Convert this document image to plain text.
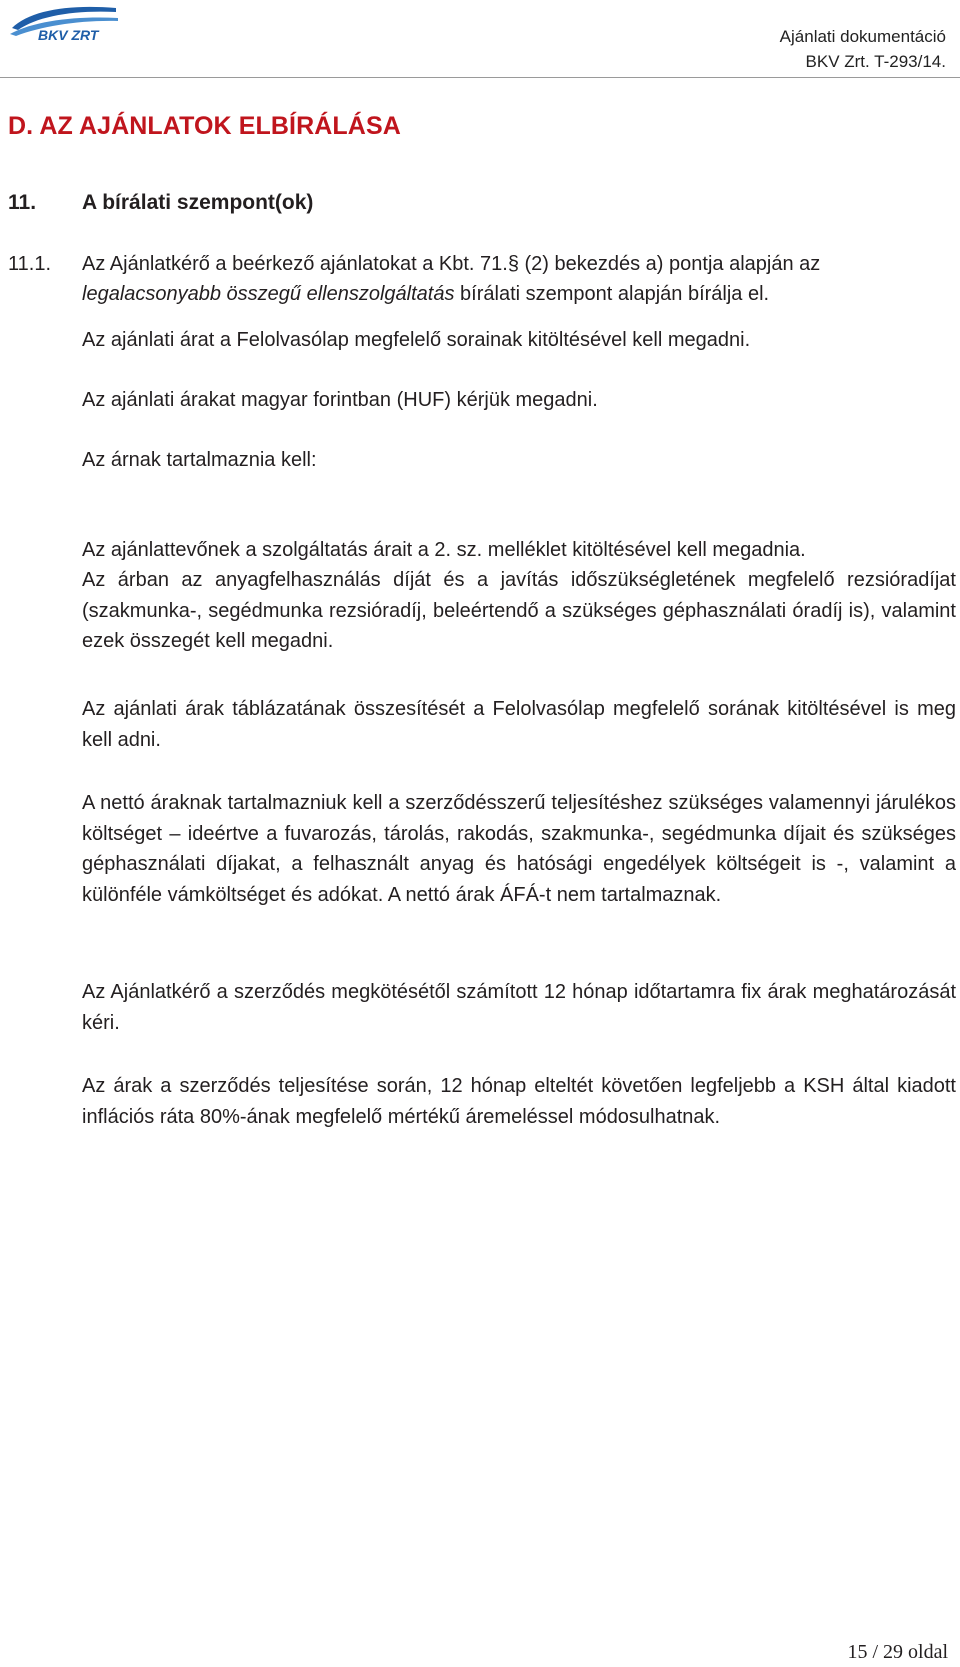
BKV ZRT	Ajánlati dokumentáció
BKV Zrt. T-293/14.
D. AZ AJÁNLATOK ELBÍRÁLÁSA
11. A bírálati szempont(ok)
11.1. Az Ajánlatkérő a beérkező ajánlatokat a Kbt. 71.§ (2) bekezdés a) pontja alapján az
legalacsonyabb összegű ellenszolgáltatás bírálati szempont alapján bírálja el.

Az ajánlati árat a Felolvasólap megfelelő sorainak kitöltésével kell megadni.

Az ajánlati árakat magyar forintban (HUF) kérjük megadni.

Az árnak tartalmaznia kell:

Az ajánlattevőnek a szolgáltatás árait a 2. sz. melléklet kitöltésével kell megadnia.

Az árban az anyagfelhasználás díját és a javítás időszükségletének megfelelő rezsióradíjat (szakmunka-, segédmunka rezsióradíj, beleértendő a szükséges géphasználati óradíj is), valamint ezek összegét kell megadni.

Az ajánlati árak táblázatának összesítését a Felolvasólap megfelelő sorának kitöltésével is meg kell adni.

A nettó áraknak tartalmazniuk kell a szerződésszerű teljesítéshez szükséges valamennyi járulékos költséget – ideértve a fuvarozás, tárolás, rakodás, szakmunka-, segédmunka díjait és szükséges géphasználati díjakat, a felhasznált anyag és hatósági engedélyek költségeit is -, valamint a különféle vámköltséget és adókat. A nettó árak ÁFÁ-t nem tartalmaznak.

Az Ajánlatkérő a szerződés megkötésétől számított 12 hónap időtartamra fix árak meghatározását kéri.

Az árak a szerződés teljesítése során, 12 hónap elteltét követően legfeljebb a KSH által kiadott inflációs ráta 80%-ának megfelelő mértékű áremeléssel módosulhatnak.

15 / 29 oldal
